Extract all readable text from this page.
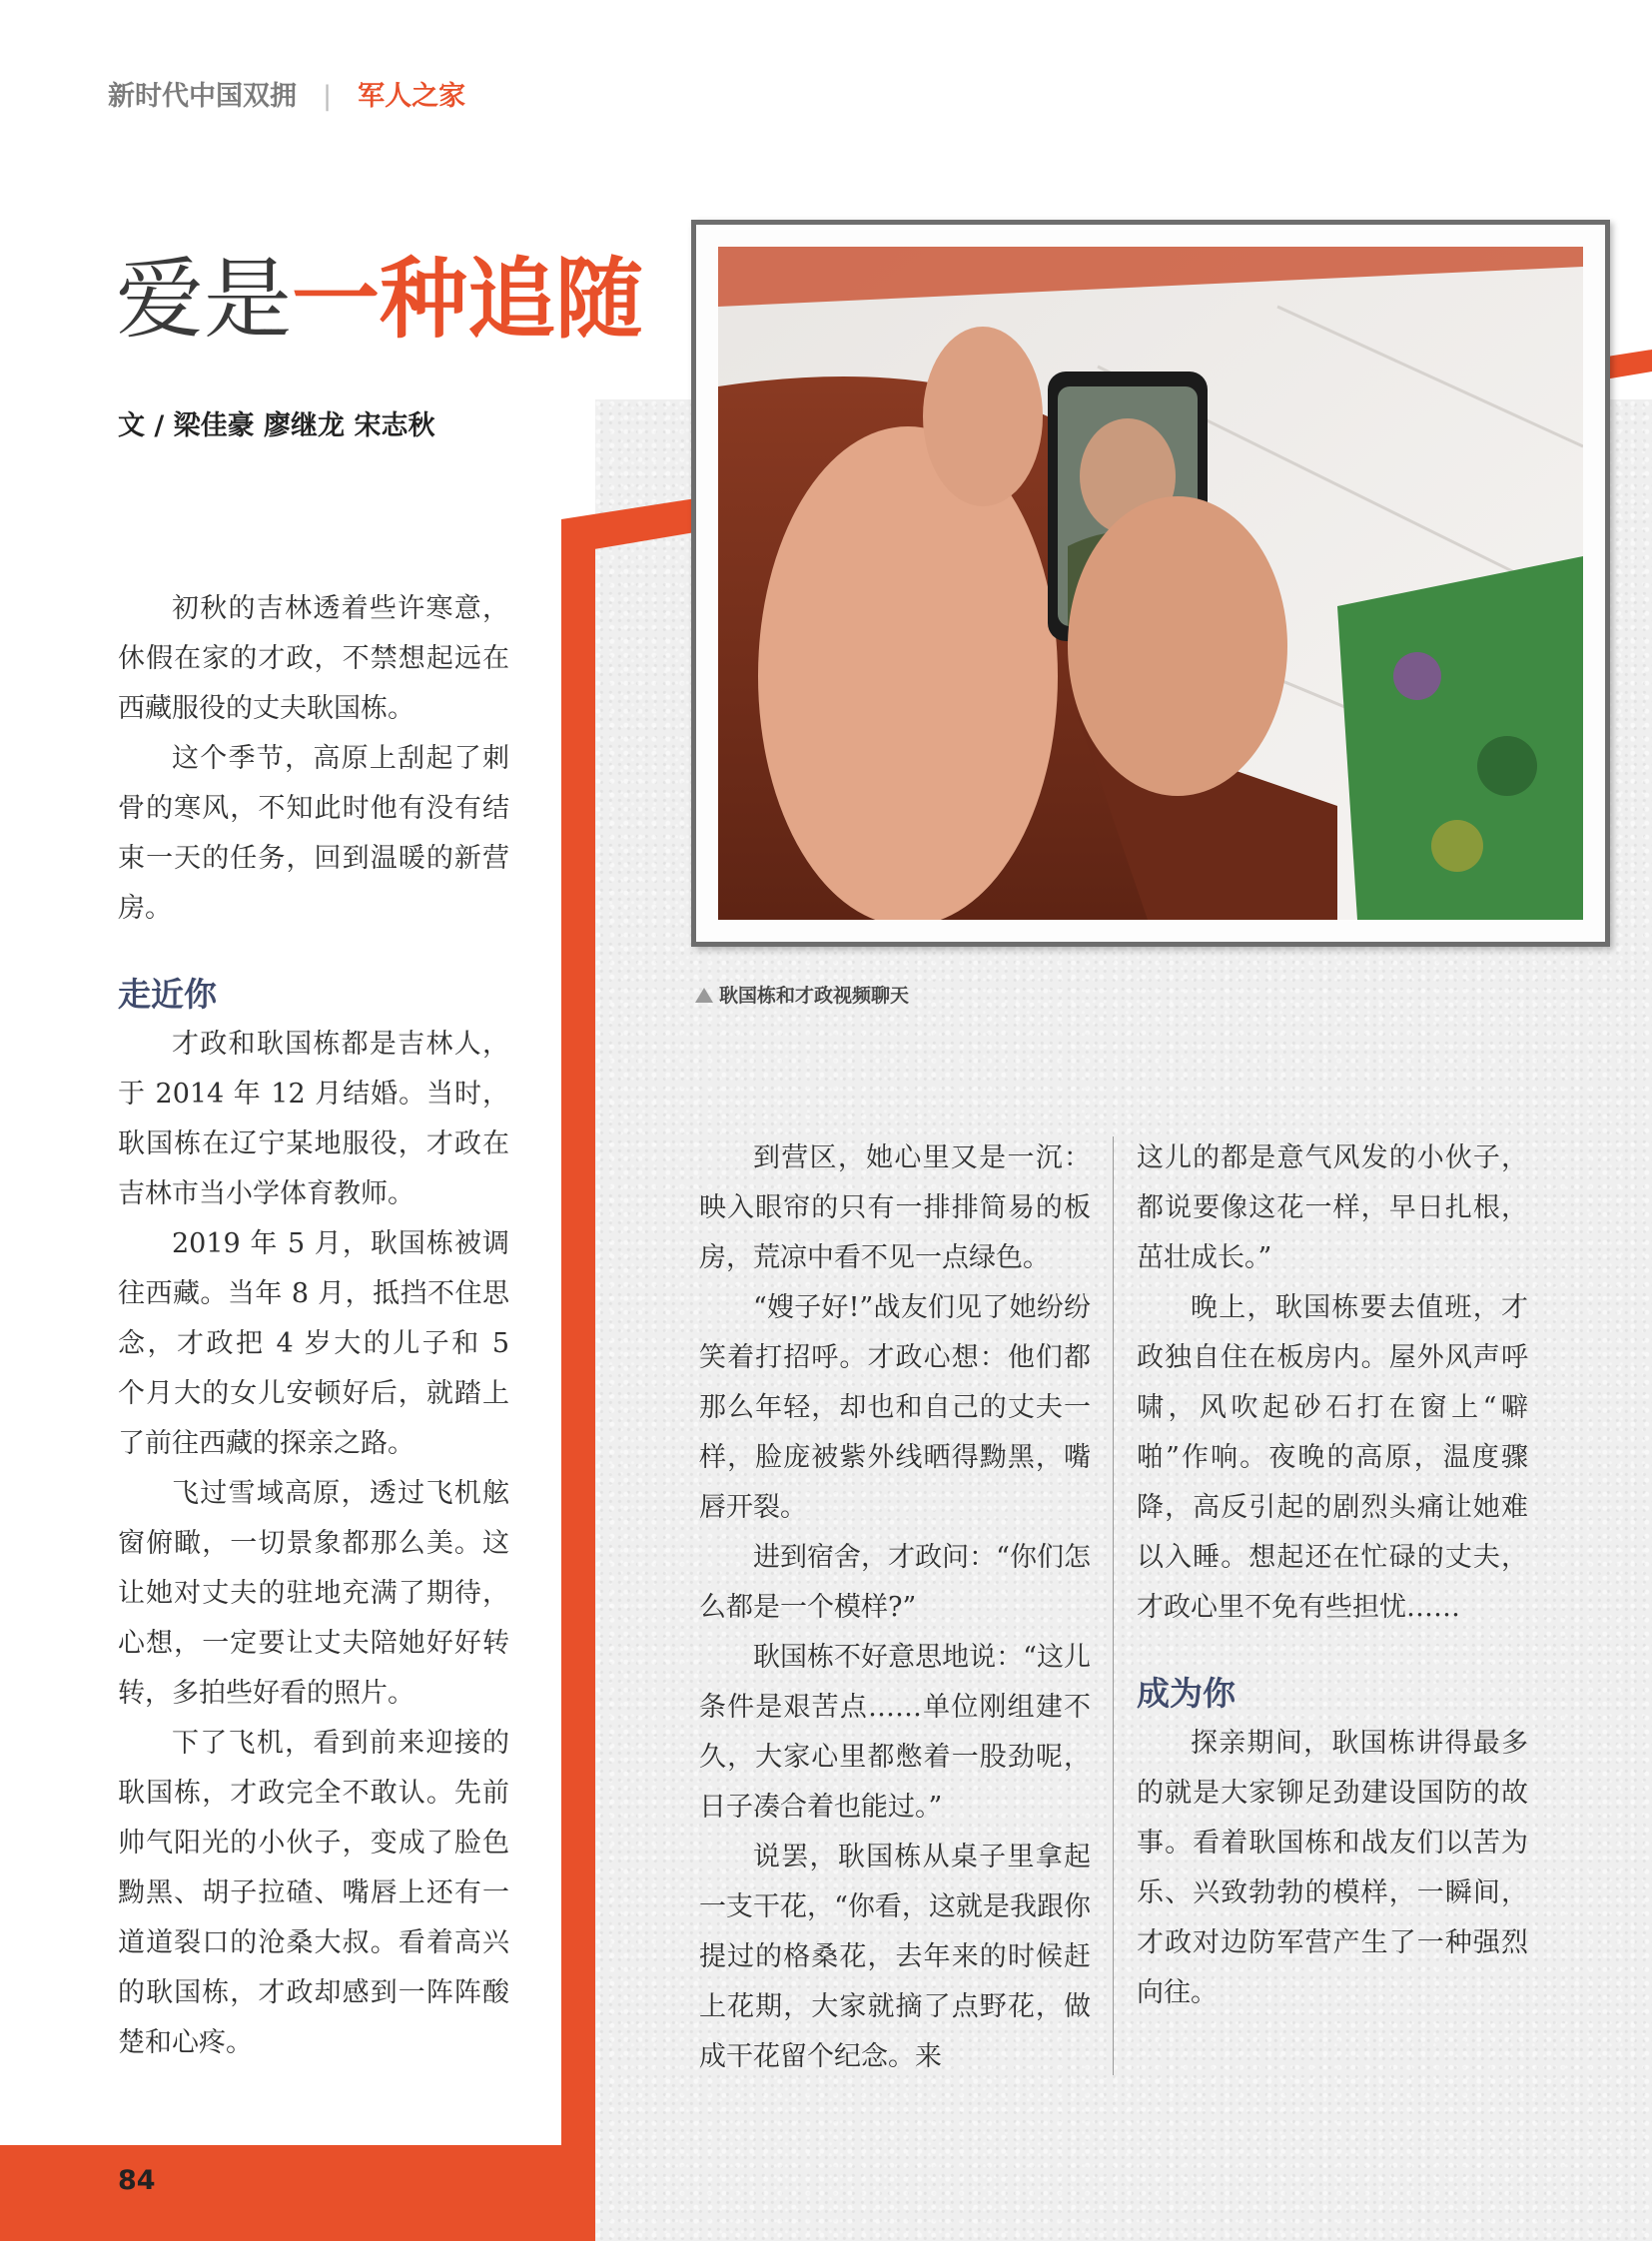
新时代中国双拥 | 军人之家
爱是一种追随
文 / 梁佳豪 廖继龙 宋志秋

初秋的吉林透着些许寒意，休假在家的才政，不禁想起远在西藏服役的丈夫耿国栋。

这个季节，高原上刮起了刺骨的寒风，不知此时他有没有结束一天的任务，回到温暖的新营房。

走近你

才政和耿国栋都是吉林人，于 2014 年 12 月结婚。当时，耿国栋在辽宁某地服役，才政在吉林市当小学体育教师。

2019 年 5 月，耿国栋被调往西藏。当年 8 月，抵挡不住思念，才政把 4 岁大的儿子和 5 个月大的女儿安顿好后，就踏上了前往西藏的探亲之路。

飞过雪域高原，透过飞机舷窗俯瞰，一切景象都那么美。这让她对丈夫的驻地充满了期待，心想，一定要让丈夫陪她好好转转，多拍些好看的照片。

下了飞机，看到前来迎接的耿国栋，才政完全不敢认。先前帅气阳光的小伙子，变成了脸色黝黑、胡子拉碴、嘴唇上还有一道道裂口的沧桑大叔。看着高兴的耿国栋，才政却感到一阵阵酸楚和心疼。

耿国栋和才政视频聊天

到营区，她心里又是一沉：映入眼帘的只有一排排简易的板房，荒凉中看不见一点绿色。

“嫂子好!”战友们见了她纷纷笑着打招呼。才政心想：他们都那么年轻，却也和自己的丈夫一样，脸庞被紫外线晒得黝黑，嘴唇开裂。

进到宿舍，才政问：“你们怎么都是一个模样?”

耿国栋不好意思地说：“这儿条件是艰苦点……单位刚组建不久，大家心里都憋着一股劲呢，日子凑合着也能过。”

说罢，耿国栋从桌子里拿起一支干花，“你看，这就是我跟你提过的格桑花，去年来的时候赶上花期，大家就摘了点野花，做成干花留个纪念。来

这儿的都是意气风发的小伙子，都说要像这花一样，早日扎根，茁壮成长。”

晚上，耿国栋要去值班，才政独自住在板房内。屋外风声呼啸，风吹起砂石打在窗上“噼啪”作响。夜晚的高原，温度骤降，高反引起的剧烈头痛让她难以入睡。想起还在忙碌的丈夫，才政心里不免有些担忧……

成为你

探亲期间，耿国栋讲得最多的就是大家铆足劲建设国防的故事。看着耿国栋和战友们以苦为乐、兴致勃勃的模样，一瞬间，才政对边防军营产生了一种强烈向往。

84
